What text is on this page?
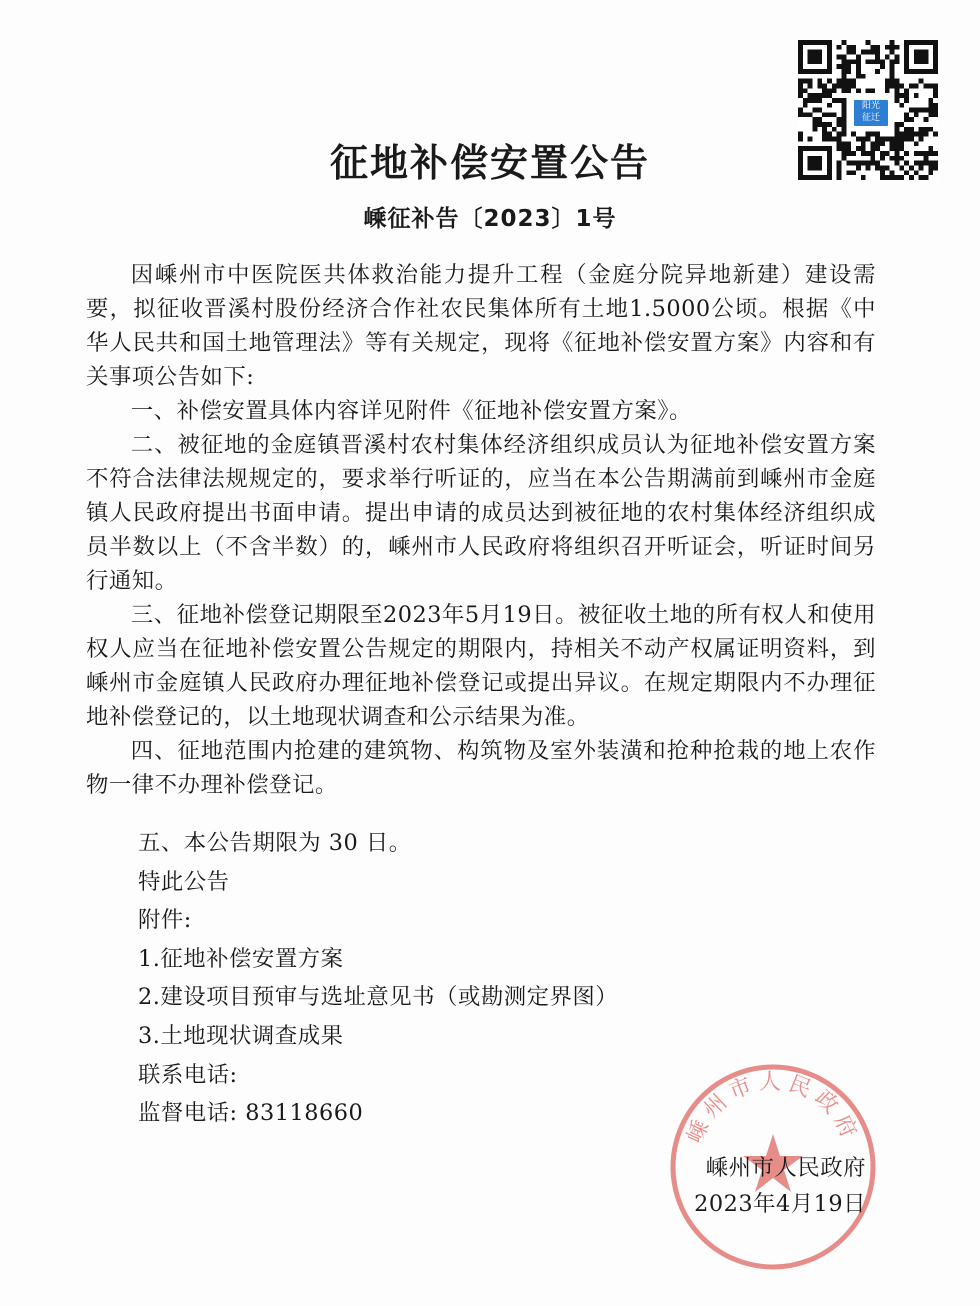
阳光
征迁
征地补偿安置公告
嵊征补告〔2023〕1号

因嵊州市中医院医共体救治能力提升工程（金庭分院异地新建）建设需要，拟征收晋溪村股份经济合作社农民集体所有土地1.5000公顷。根据《中华人民共和国土地管理法》等有关规定，现将《征地补偿安置方案》内容和有关事项公告如下:

一、补偿安置具体内容详见附件《征地补偿安置方案》。

二、被征地的金庭镇晋溪村农村集体经济组织成员认为征地补偿安置方案不符合法律法规规定的，要求举行听证的，应当在本公告期满前到嵊州市金庭镇人民政府提出书面申请。提出申请的成员达到被征地的农村集体经济组织成员半数以上（不含半数）的，嵊州市人民政府将组织召开听证会，听证时间另行通知。

三、征地补偿登记期限至2023年5月19日。被征收土地的所有权人和使用权人应当在征地补偿安置公告规定的期限内，持相关不动产权属证明资料，到嵊州市金庭镇人民政府办理征地补偿登记或提出异议。在规定期限内不办理征地补偿登记的，以土地现状调查和公示结果为准。

四、征地范围内抢建的建筑物、构筑物及室外装潢和抢种抢栽的地上农作物一律不办理补偿登记。

五、本公告期限为 30 日。
特此公告
附件:
1.征地补偿安置方案
2.建设项目预审与选址意见书（或勘测定界图）
3.土地现状调查成果
联系电话:
监督电话: 83118660	嵊州市人民政府
嵊州市人民政府
2023年4月19日
